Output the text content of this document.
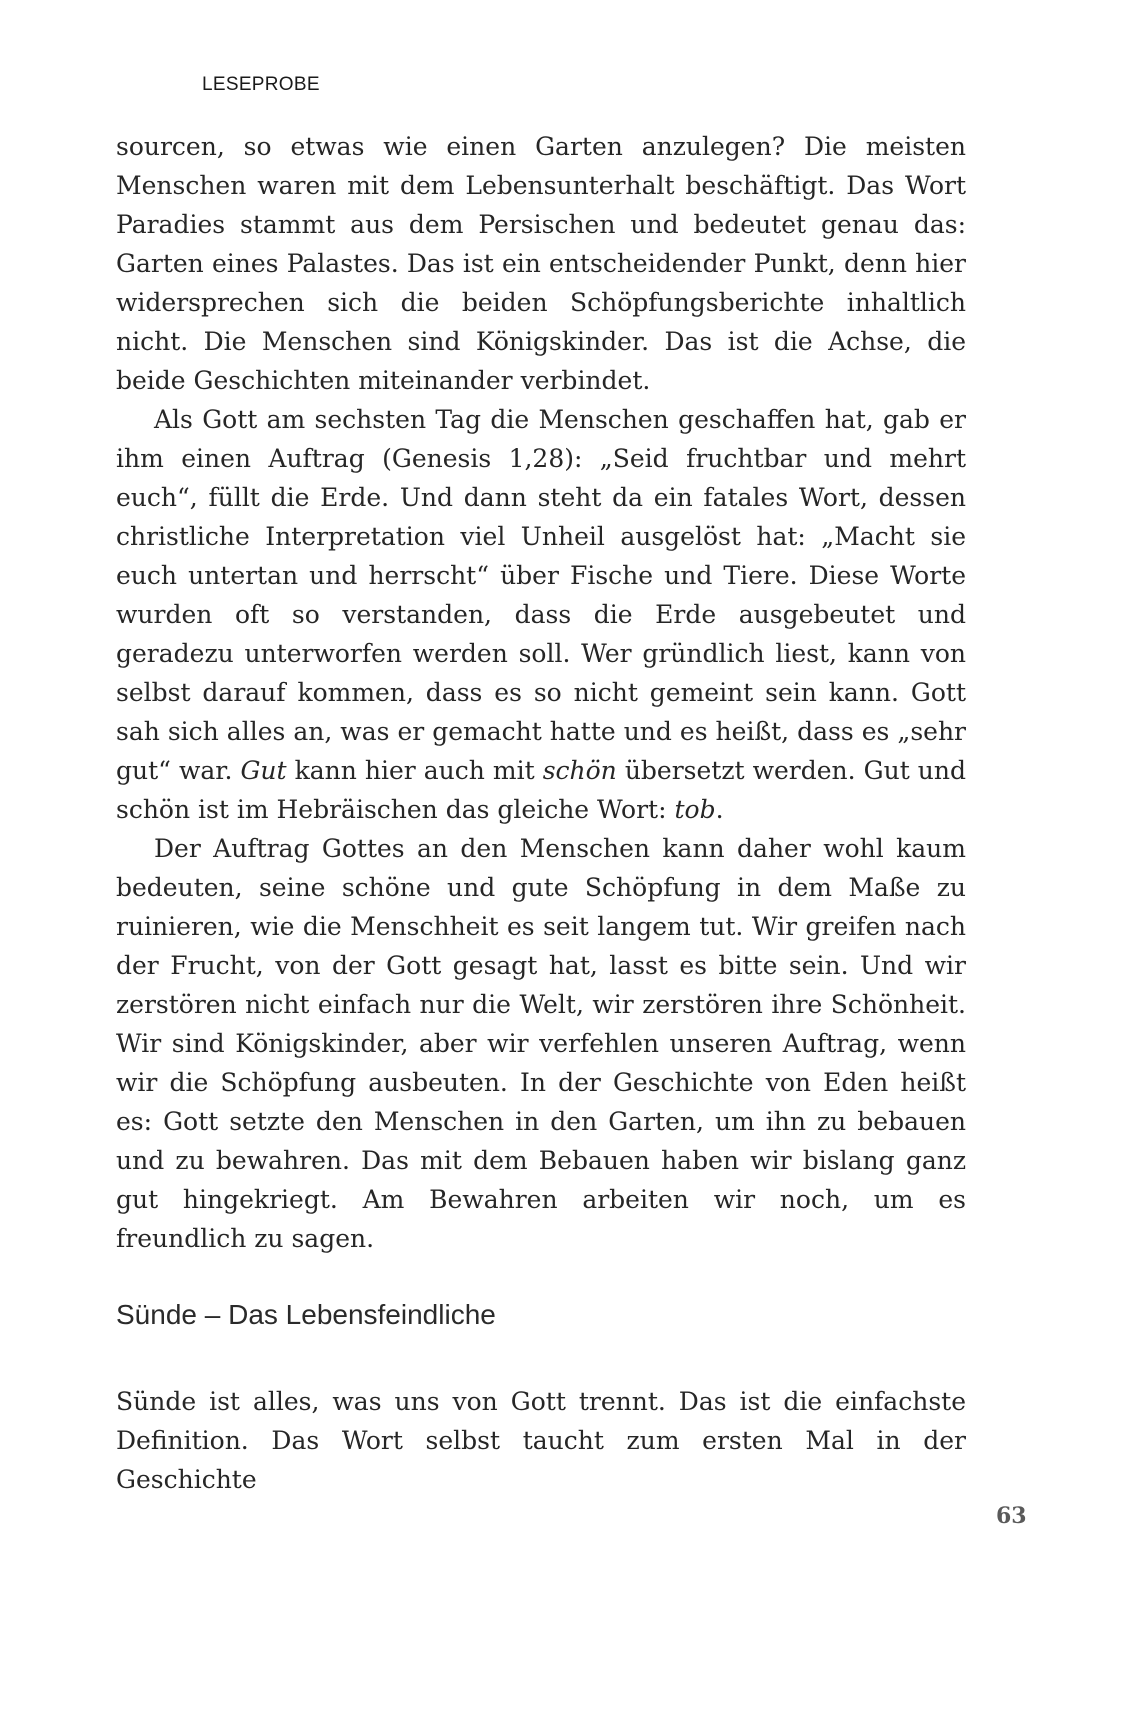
LESEPROBE

sourcen, so etwas wie einen Garten anzulegen? Die meisten Menschen waren mit dem Lebensunterhalt beschäftigt. Das Wort Paradies stammt aus dem Persischen und bedeutet genau das: Garten eines Palastes. Das ist ein entscheidender Punkt, denn hier widersprechen sich die beiden Schöpfungsberichte inhaltlich nicht. Die Menschen sind Königskinder. Das ist die Achse, die beide Geschichten miteinander verbindet.

Als Gott am sechsten Tag die Menschen geschaffen hat, gab er ihm einen Auftrag (Genesis 1,28): „Seid fruchtbar und mehrt euch“, füllt die Erde. Und dann steht da ein fatales Wort, dessen christliche Interpretation viel Unheil ausgelöst hat: „Macht sie euch untertan und herrscht“ über Fische und Tiere. Diese Worte wurden oft so verstanden, dass die Erde ausgebeutet und geradezu unterworfen werden soll. Wer gründlich liest, kann von selbst darauf kommen, dass es so nicht gemeint sein kann. Gott sah sich alles an, was er gemacht hatte und es heißt, dass es „sehr gut“ war. Gut kann hier auch mit schön übersetzt werden. Gut und schön ist im Hebräischen das gleiche Wort: tob.

Der Auftrag Gottes an den Menschen kann daher wohl kaum bedeuten, seine schöne und gute Schöpfung in dem Maße zu ruinieren, wie die Menschheit es seit langem tut. Wir greifen nach der Frucht, von der Gott gesagt hat, lasst es bitte sein. Und wir zerstören nicht einfach nur die Welt, wir zerstören ihre Schönheit. Wir sind Königskinder, aber wir verfehlen unseren Auftrag, wenn wir die Schöpfung ausbeuten. In der Geschichte von Eden heißt es: Gott setzte den Menschen in den Garten, um ihn zu bebauen und zu bewahren. Das mit dem Bebauen haben wir bislang ganz gut hingekriegt. Am Bewahren arbeiten wir noch, um es freundlich zu sagen.

Sünde – Das Lebensfeindliche

Sünde ist alles, was uns von Gott trennt. Das ist die einfachste Definition. Das Wort selbst taucht zum ersten Mal in der Geschichte

63
